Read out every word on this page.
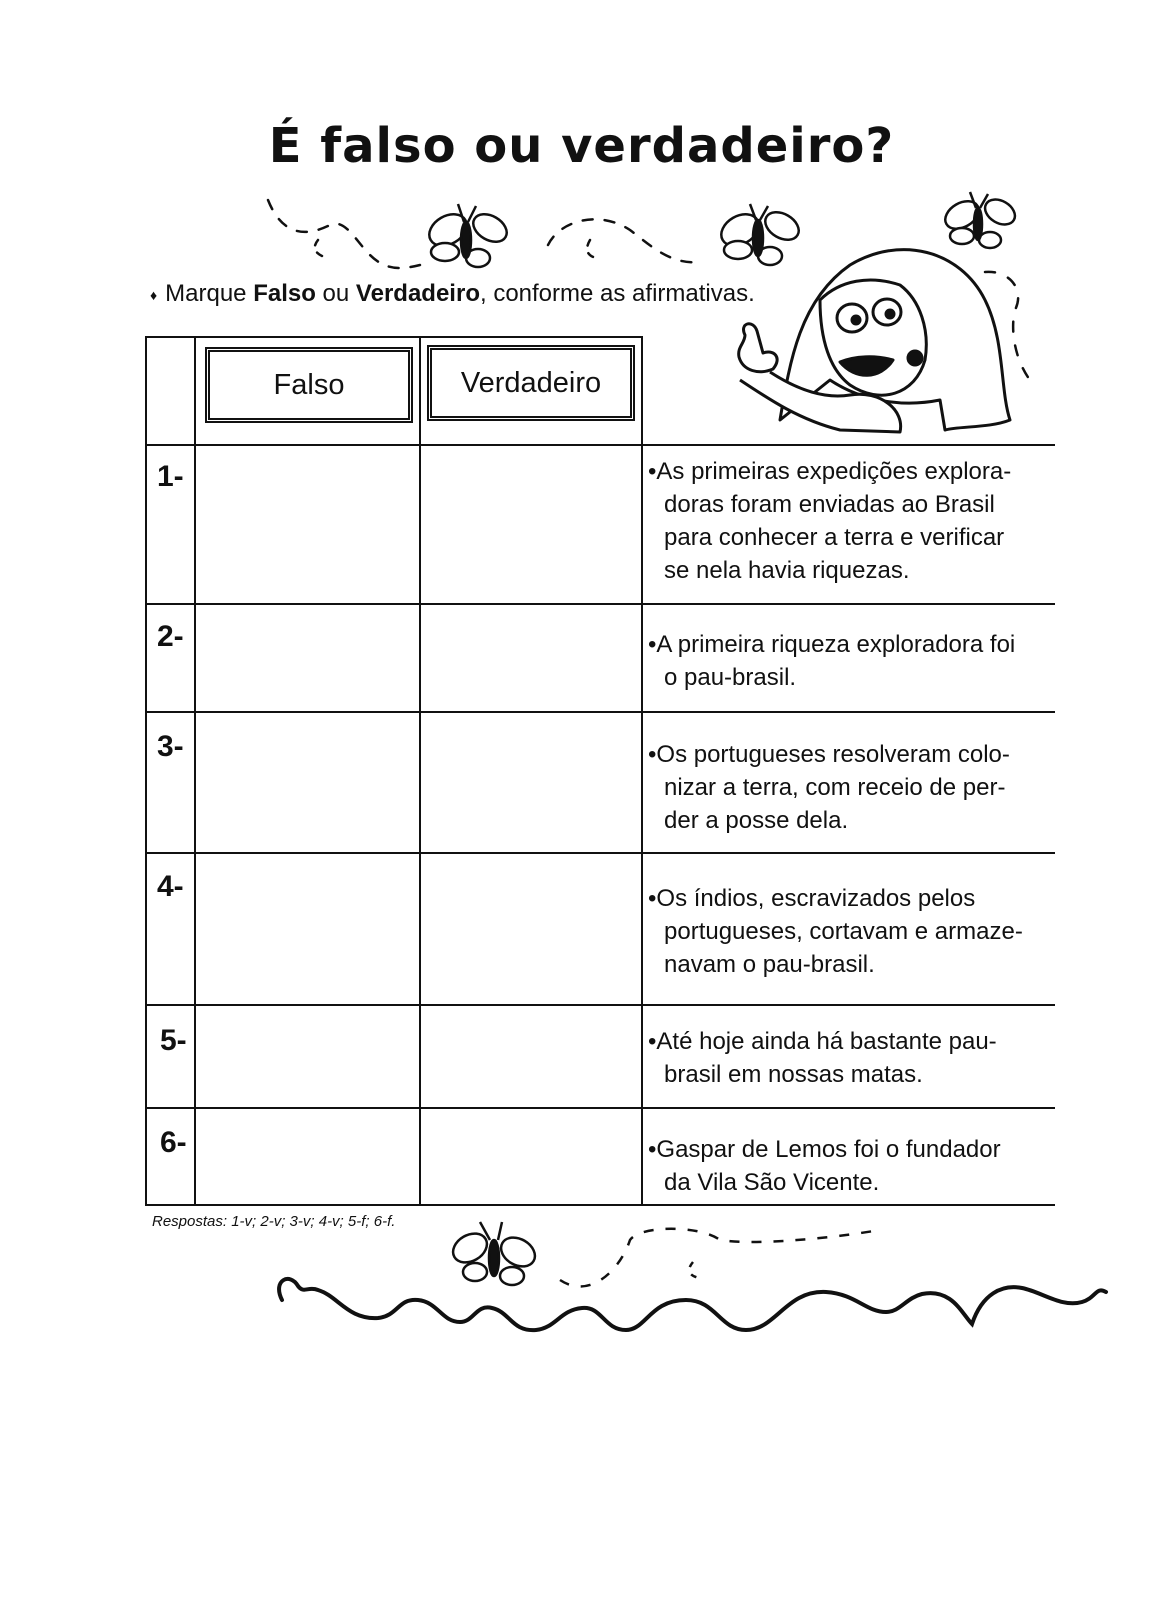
É falso ou verdadeiro?
♦ Marque Falso ou Verdadeiro, conforme as afirmativas.
Falso	Verdadeiro
1-
2-
3-
4-
5-
6-
•As primeiras expedições explora-
doras foram enviadas ao Brasil
para conhecer a terra e verificar
se nela havia riquezas.
•A primeira riqueza exploradora foi
o pau-brasil.
•Os portugueses resolveram colo-
nizar a terra, com receio de per-
der a posse dela.
•Os índios, escravizados pelos
portugueses, cortavam e armaze-
navam o pau-brasil.
•Até hoje ainda há bastante pau-
brasil em nossas matas.
•Gaspar de Lemos foi o fundador
da Vila São Vicente.
Respostas: 1-v; 2-v; 3-v; 4-v; 5-f; 6-f.
